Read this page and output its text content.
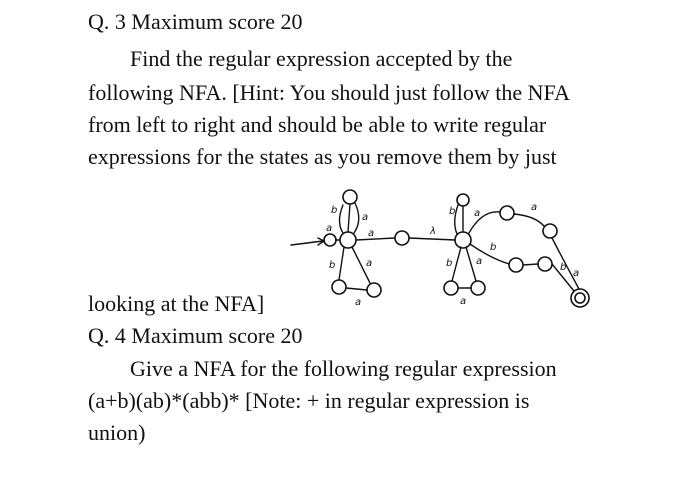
Q. 3 Maximum score 20

Find the regular expression accepted by the

following NFA. [Hint: You should just follow the NFA

from left to right and should be able to write regular

expressions for the states as you remove them by just

a
b
a
a	λ
b	a
a
b a
b a
a
b
a
b
a

looking at the NFA]

Q. 4 Maximum score 20

Give a NFA for the following regular expression

(a+b)(ab)*(abb)* [Note: + in regular expression is

union)
